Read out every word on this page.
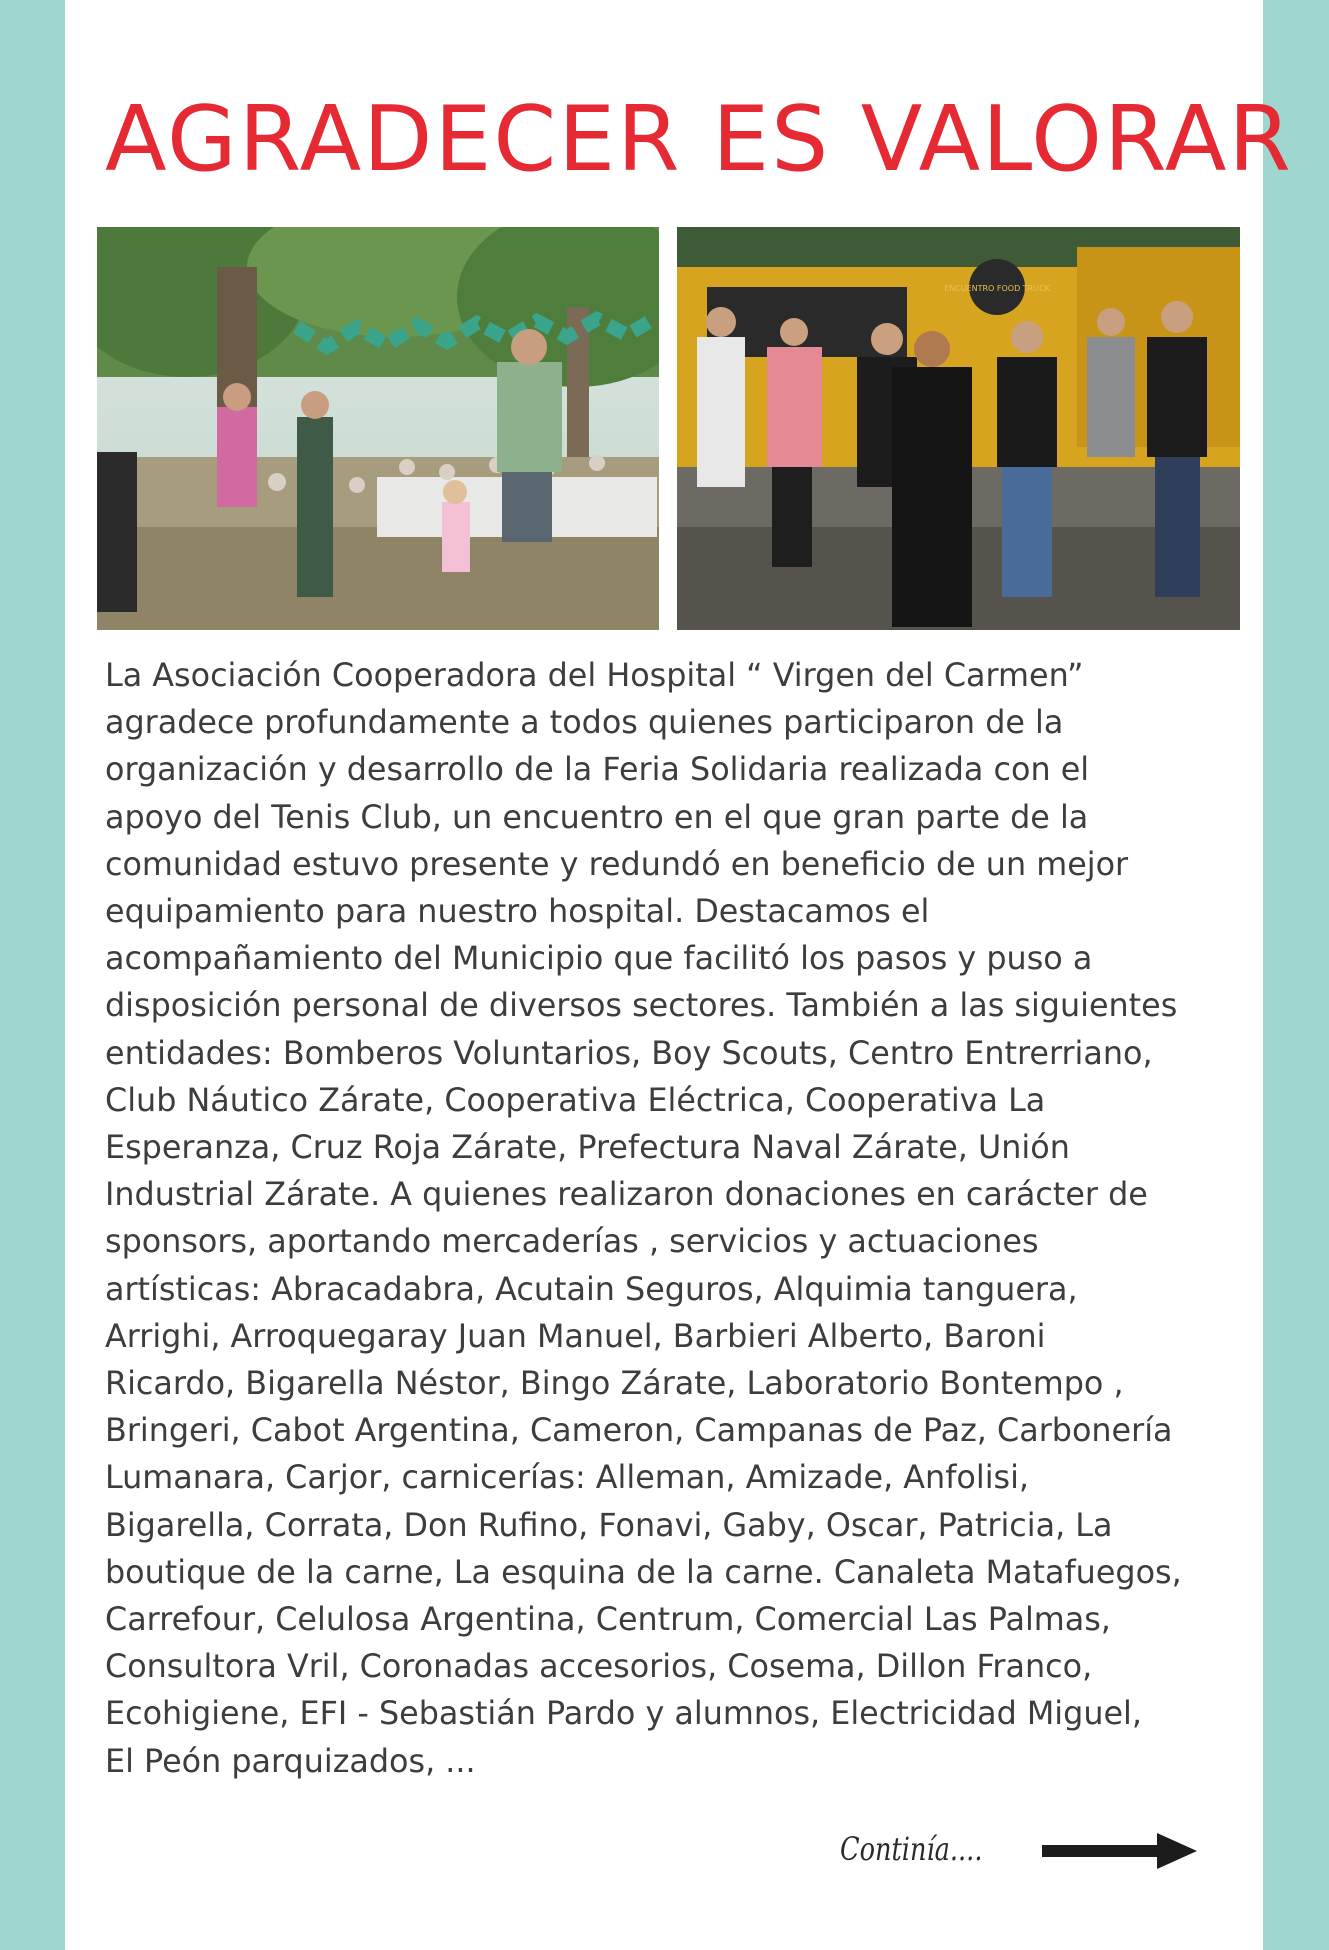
AGRADECER ES VALORAR
ENCUENTRO FOOD TRUCK

La Asociación Cooperadora del Hospital “ Virgen del Carmen”
agradece profundamente a todos quienes participaron de la
organización y desarrollo de la Feria Solidaria realizada con el
apoyo del Tenis Club, un encuentro en el que gran parte de la
comunidad estuvo presente y redundó en beneficio de un mejor
equipamiento para nuestro hospital. Destacamos el
acompañamiento del Municipio que facilitó los pasos y puso a
disposición personal de diversos sectores. También a las siguientes
entidades: Bomberos Voluntarios, Boy Scouts, Centro Entrerriano,
Club Náutico Zárate, Cooperativa Eléctrica, Cooperativa La
Esperanza, Cruz Roja Zárate, Prefectura Naval Zárate, Unión
Industrial Zárate. A quienes realizaron donaciones en carácter de
sponsors, aportando mercaderías , servicios y actuaciones
artísticas: Abracadabra, Acutain Seguros, Alquimia tanguera,
Arrighi, Arroquegaray Juan Manuel, Barbieri Alberto, Baroni
Ricardo, Bigarella Néstor, Bingo Zárate, Laboratorio Bontempo ,
Bringeri, Cabot Argentina, Cameron, Campanas de Paz, Carbonería
Lumanara, Carjor, carnicerías: Alleman, Amizade, Anfolisi,
Bigarella, Corrata, Don Rufino, Fonavi, Gaby, Oscar, Patricia, La
boutique de la carne, La esquina de la carne. Canaleta Matafuegos,
Carrefour, Celulosa Argentina, Centrum, Comercial Las Palmas,
Consultora Vril, Coronadas accesorios, Cosema, Dillon Franco,
Ecohigiene, EFI - Sebastián Pardo y alumnos, Electricidad Miguel,
El Peón parquizados, ...

Continía....
